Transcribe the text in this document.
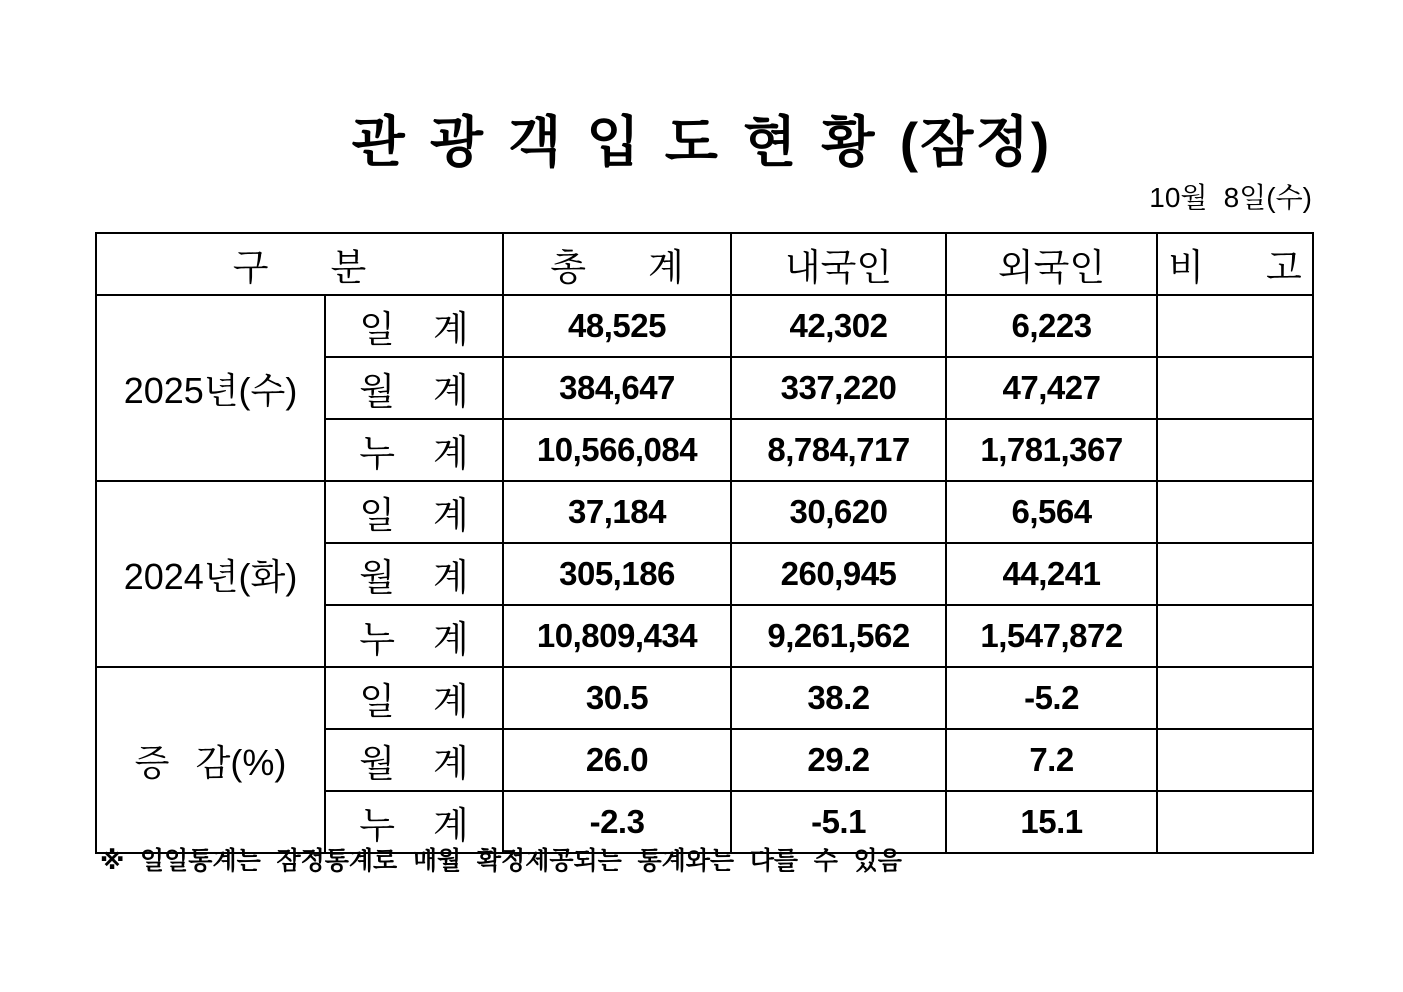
관 광 객 입 도 현 황 (잠정)
10월 8일(수)
구 분		총 계	내국인	외국인	비 고
2025년(수)	일 계	48,525	42,302	6,223	
	월 계	384,647	337,220	47,427	
	누 계	10,566,084	8,784,717	1,781,367	
2024년(화)	일 계	37,184	30,620	6,564	
	월 계	305,186	260,945	44,241	
	누 계	10,809,434	9,261,562	1,547,872	
증 감(%)	일 계	30.5	38.2	-5.2	
	월 계	26.0	29.2	7.2	
	누 계	-2.3	-5.1	15.1	
※ 일일통계는 잠정통계로 매월 확정제공되는 통계와는 다를 수 있음
